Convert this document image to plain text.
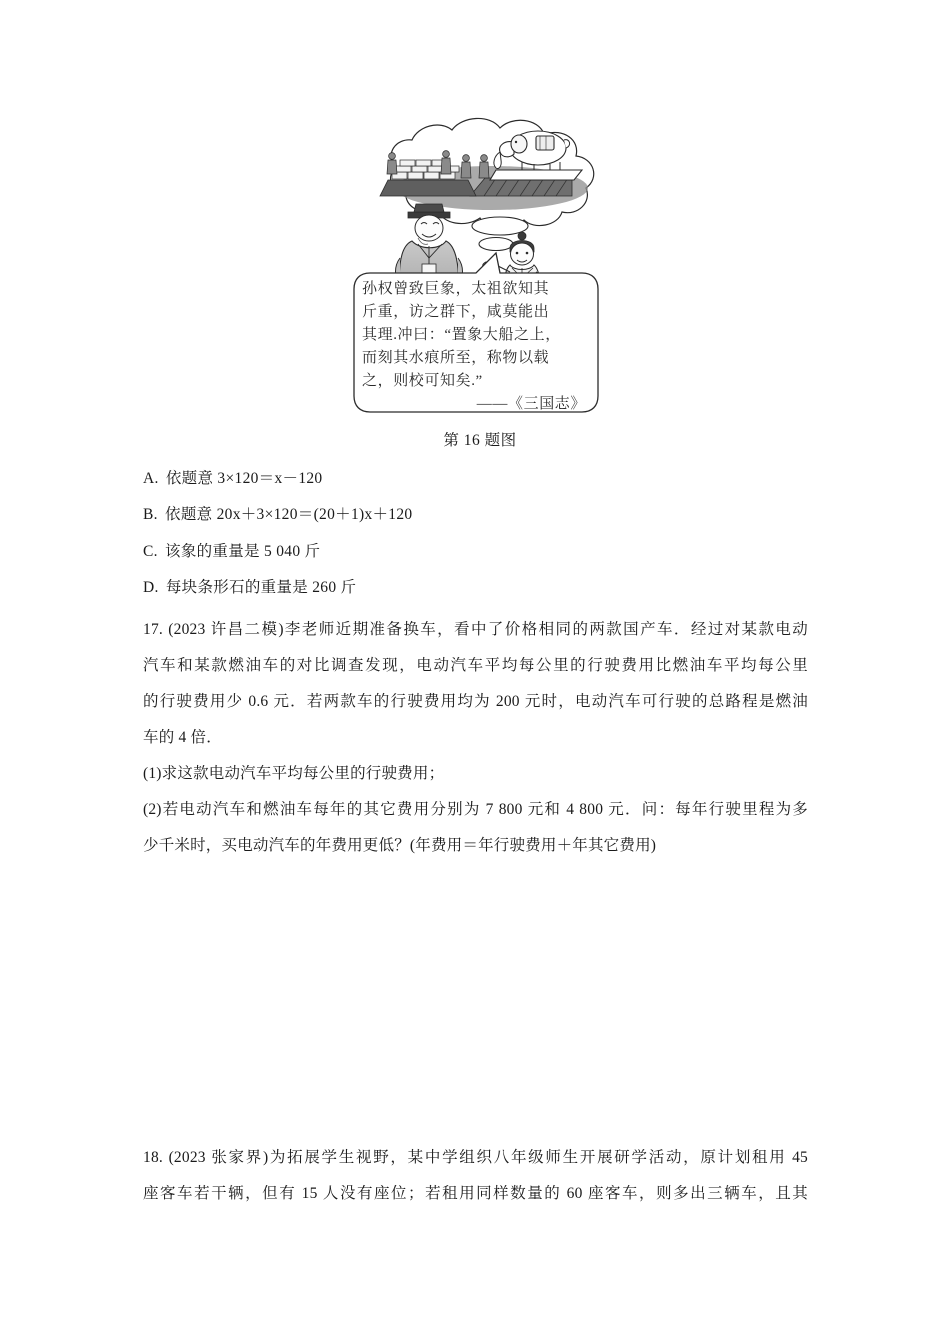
孙权曾致巨象，太祖欲知其
斤重，访之群下，咸莫能出
其理.冲曰：“置象大船之上，
而刻其水痕所至，称物以载
之，则校可知矣.”
——《三国志》
第 16 题图
A. 依题意 3×120＝x－120
B. 依题意 20x＋3×120＝(20＋1)x＋120
C. 该象的重量是 5 040 斤
D. 每块条形石的重量是 260 斤
17. (2023 许昌二模)李老师近期准备换车，看中了价格相同的两款国产车．经过对某款电动
汽车和某款燃油车的对比调查发现，电动汽车平均每公里的行驶费用比燃油车平均每公里
的行驶费用少 0.6 元．若两款车的行驶费用均为 200 元时，电动汽车可行驶的总路程是燃油
车的 4 倍．
(1)求这款电动汽车平均每公里的行驶费用；
(2)若电动汽车和燃油车每年的其它费用分别为 7 800 元和 4 800 元．问：每年行驶里程为多
少千米时，买电动汽车的年费用更低？(年费用＝年行驶费用＋年其它费用)
18. (2023 张家界)为拓展学生视野，某中学组织八年级师生开展研学活动，原计划租用 45
座客车若干辆，但有 15 人没有座位；若租用同样数量的 60 座客车，则多出三辆车，且其
